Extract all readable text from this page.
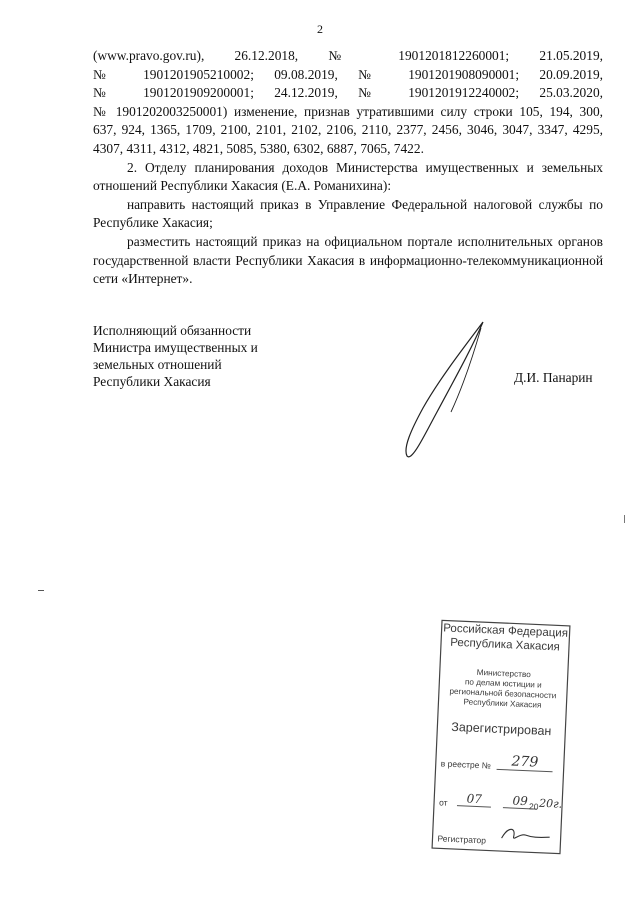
2

(www.pravo.gov.ru), 26.12.2018, № 1901201812260001; 21.05.2019,
№ 1901201905210002; 09.08.2019, № 1901201908090001; 20.09.2019,
№ 1901201909200001; 24.12.2019, № 1901201912240002; 25.03.2020,
№ 1901202003250001) изменение, признав утратившими силу строки 105, 194, 300,
637, 924, 1365, 1709, 2100, 2101, 2102, 2106, 2110, 2377, 2456, 3046, 3047, 3347, 4295,
4307, 4311, 4312, 4821, 5085, 5380, 6302, 6887, 7065, 7422.

2. Отделу планирования доходов Министерства имущественных и земельных отношений Республики Хакасия (Е.А. Романихина):

направить настоящий приказ в Управление Федеральной налоговой службы по Республике Хакасия;

разместить настоящий приказ на официальном портале исполнительных органов государственной власти Республики Хакасия в информационно-телекоммуникационной сети «Интернет».

Исполняющий обязанности
Министра имущественных и
земельных отношений
Республики Хакасия	Д.И. Панарин
Российская Федерация
Республика Хакасия
Министерство
по делам юстиции и
региональной безопасности
Республики Хакасия
Зарегистрирован
в реестре №	279
от	07	09 20 20г.
Регистратор
